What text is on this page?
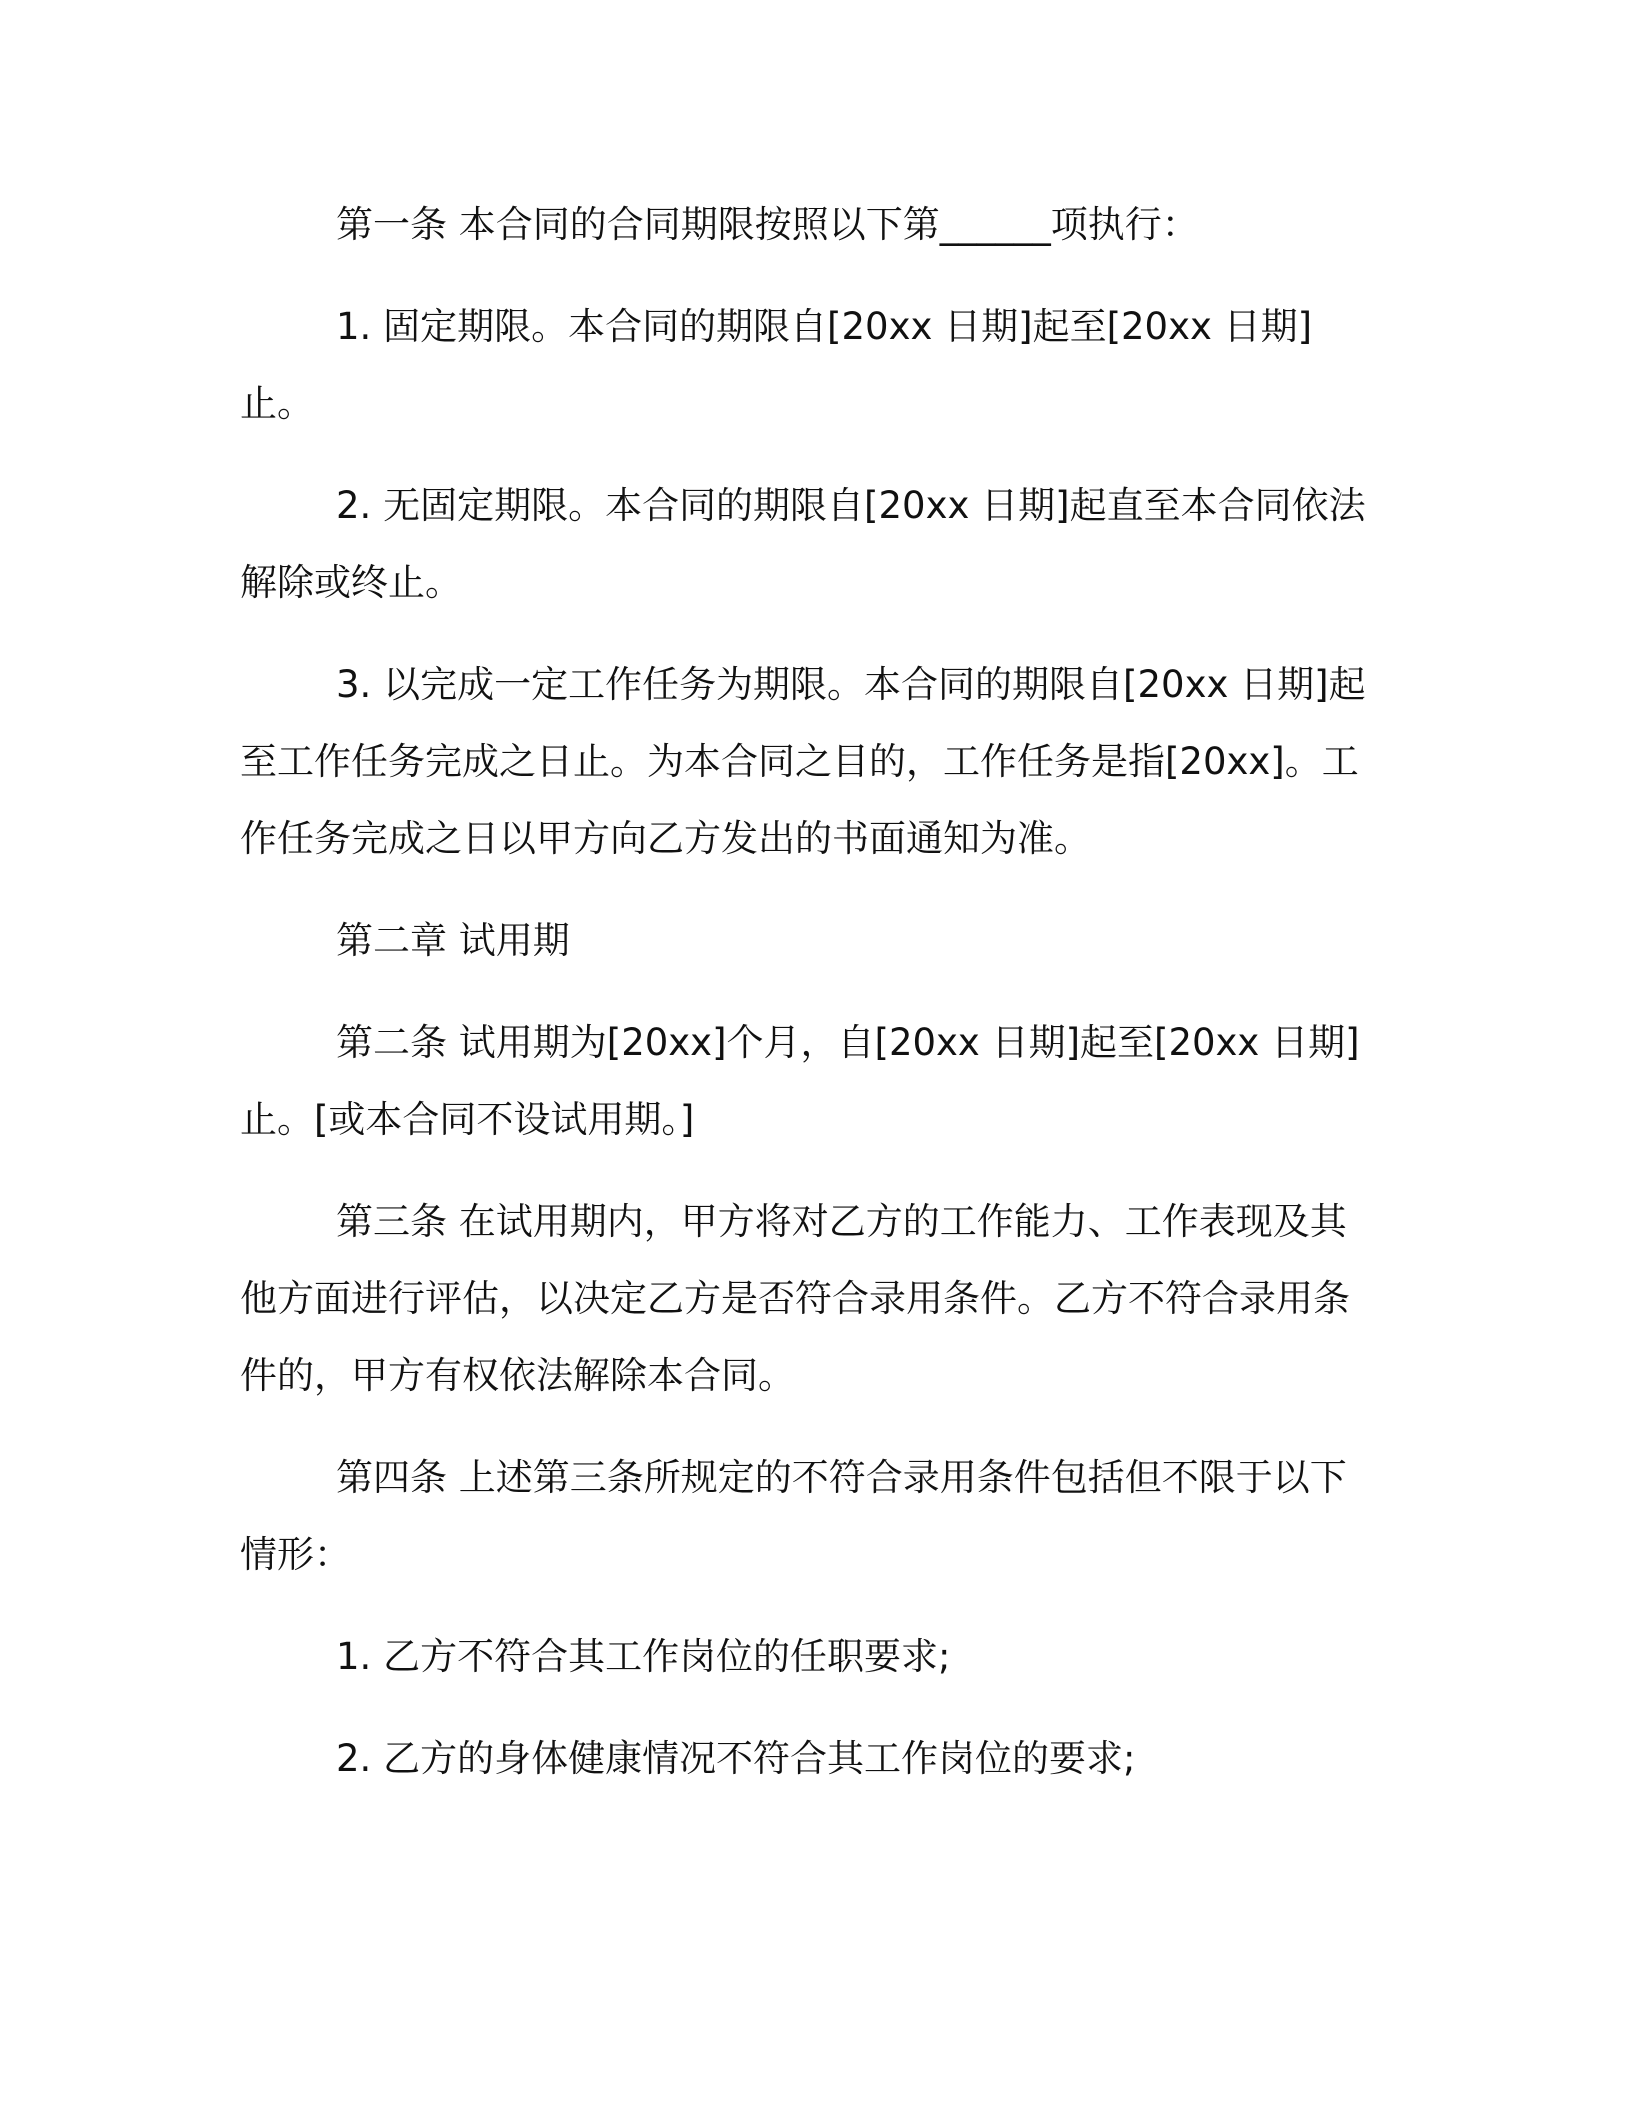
第一条 本合同的合同期限按照以下第______项执行：

1. 固定期限。本合同的期限自[20xx 日期]起至[20xx 日期]止。

2. 无固定期限。本合同的期限自[20xx 日期]起直至本合同依法解除或终止。

3. 以完成一定工作任务为期限。本合同的期限自[20xx 日期]起至工作任务完成之日止。为本合同之目的，工作任务是指[20xx]。工作任务完成之日以甲方向乙方发出的书面通知为准。

第二章 试用期

第二条 试用期为[20xx]个月，自[20xx 日期]起至[20xx 日期]止。[或本合同不设试用期。]

第三条 在试用期内，甲方将对乙方的工作能力、工作表现及其他方面进行评估，以决定乙方是否符合录用条件。乙方不符合录用条件的，甲方有权依法解除本合同。

第四条 上述第三条所规定的不符合录用条件包括但不限于以下情形：

1. 乙方不符合其工作岗位的任职要求;

2. 乙方的身体健康情况不符合其工作岗位的要求;
